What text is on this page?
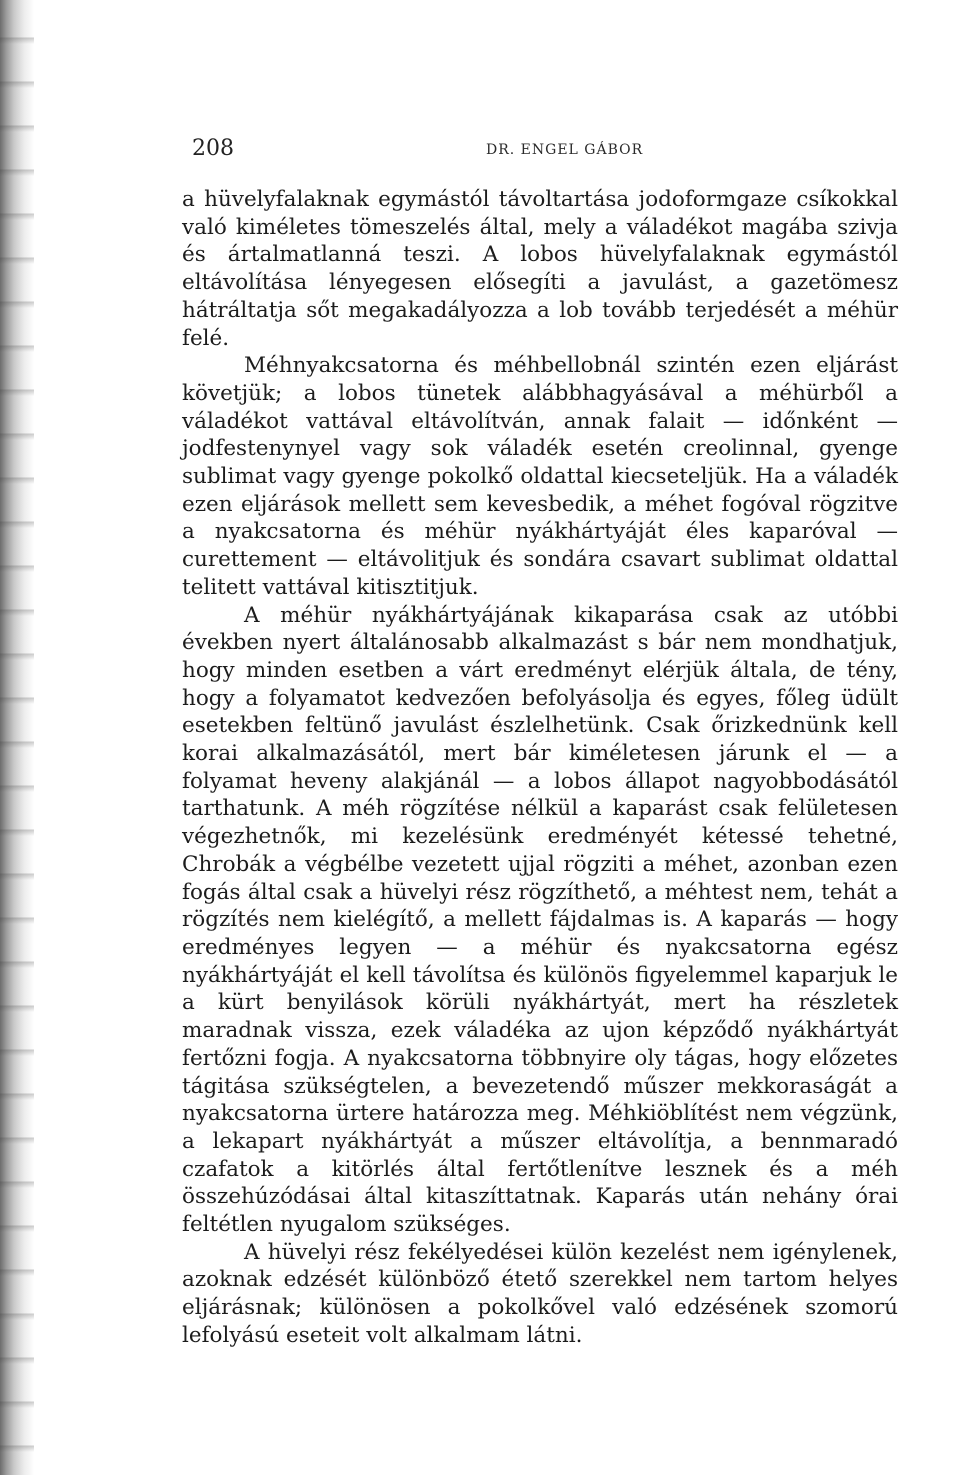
208	DR. ENGEL GÁBOR

a hüvelyfalaknak egymástól távoltartása jodoformgaze csíkokkal való kiméletes tömeszelés által, mely a váladékot magába szivja és ártalmatlanná teszi. A lobos hüvelyfalaknak egymástól eltávolítása lényegesen elősegíti a javulást, a gazetömesz hátráltatja sőt megakadályozza a lob tovább terjedését a méhür felé.

Méhnyakcsatorna és méhbellobnál szintén ezen eljárást követjük; a lobos tünetek alábbhagyásával a méhürből a váladékot vattával eltávolítván, annak falait — időnként — jodfestenynyel vagy sok váladék esetén creolinnal, gyenge sublimat vagy gyenge pokolkő oldattal kiecseteljük. Ha a váladék ezen eljárások mellett sem kevesbedik, a méhet fogóval rögzitve a nyakcsatorna és méhür nyákhártyáját éles kaparóval — curettement — eltávolitjuk és sondára csavart sublimat oldattal telitett vattával kitisztitjuk.

A méhür nyákhártyájának kikaparása csak az utóbbi években nyert általánosabb alkalmazást s bár nem mondhatjuk, hogy minden esetben a várt eredményt elérjük általa, de tény, hogy a folyamatot kedvezően befolyásolja és egyes, főleg üdült esetekben feltünő javulást észlelhetünk. Csak őrizkednünk kell korai alkalmazásától, mert bár kiméletesen járunk el — a folyamat heveny alakjánál — a lobos állapot nagyobbodásától tarthatunk. A méh rögzítése nélkül a kaparást csak felületesen végezhetnők, mi kezelésünk eredményét kétessé tehetné, Chrobák a végbélbe vezetett ujjal rögziti a méhet, azonban ezen fogás által csak a hüvelyi rész rögzíthető, a méhtest nem, tehát a rögzítés nem kielégítő, a mellett fájdalmas is. A kaparás — hogy eredményes legyen — a méhür és nyakcsatorna egész nyákhártyáját el kell távolítsa és különös figyelemmel kaparjuk le a kürt benyilások körüli nyákhártyát, mert ha részletek maradnak vissza, ezek váladéka az ujon képződő nyákhártyát fertőzni fogja. A nyakcsatorna többnyire oly tágas, hogy előzetes tágitása szükségtelen, a bevezetendő műszer mekkoraságát a nyakcsatorna ürtere határozza meg. Méhkiöblítést nem végzünk, a lekapart nyákhártyát a műszer eltávolítja, a bennmaradó czafatok a kitörlés által fertőtlenítve lesznek és a méh összehúzódásai által kitaszíttatnak. Kaparás után nehány órai feltétlen nyugalom szükséges.

A hüvelyi rész fekélyedései külön kezelést nem igénylenek, azoknak edzését különböző étető szerekkel nem tartom helyes eljárásnak; különösen a pokolkővel való edzésének szomorú lefolyású eseteit volt alkalmam látni.
